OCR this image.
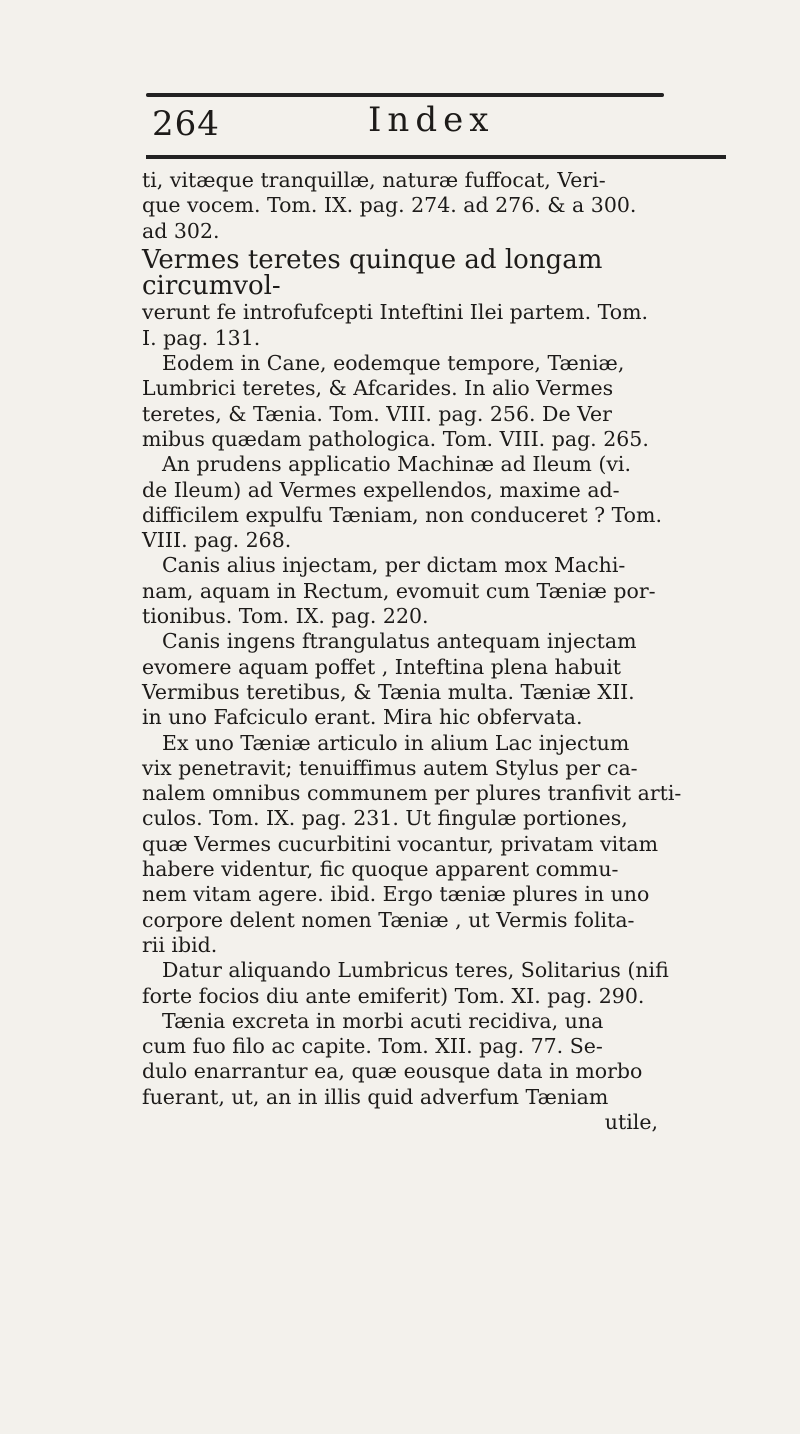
264	Index

ti, vitæque tranquillæ, naturæ fuffocat, Veri-
que vocem. Tom. IX. pag. 274. ad 276. & a 300.
ad 302.

Vermes teretes quinque ad longam circumvol-
verunt fe introfufcepti Inteftini Ilei partem. Tom.
I. pag. 131.

Eodem in Cane, eodemque tempore, Tæniæ,
Lumbrici teretes, & Afcarides. In alio Vermes
teretes, & Tænia. Tom. VIII. pag. 256. De Ver
mibus quædam pathologica. Tom. VIII. pag. 265.

An prudens applicatio Machinæ ad Ileum (vi.
de Ileum) ad Vermes expellendos, maxime ad-
difficilem expulfu Tæniam, non conduceret ? Tom.
VIII. pag. 268.

Canis alius injectam, per dictam mox Machi-
nam, aquam in Rectum, evomuit cum Tæniæ por-
tionibus. Tom. IX. pag. 220.

Canis ingens ftrangulatus antequam injectam
evomere aquam poffet , Inteftina plena habuit
Vermibus teretibus, & Tænia multa. Tæniæ XII.
in uno Fafciculo erant. Mira hic obfervata.

Ex uno Tæniæ articulo in alium Lac injectum
vix penetravit; tenuiffimus autem Stylus per ca-
nalem omnibus communem per plures tranfivit arti-
culos. Tom. IX. pag. 231. Ut fingulæ portiones,
quæ Vermes cucurbitini vocantur, privatam vitam
habere videntur, fic quoque apparent commu-
nem vitam agere. ibid. Ergo tæniæ plures in uno
corpore delent nomen Tæniæ , ut Vermis folita-
rii ibid.

Datur aliquando Lumbricus teres, Solitarius (nifi
forte focios diu ante emiferit) Tom. XI. pag. 290.

Tænia excreta in morbi acuti recidiva, una
cum fuo filo ac capite. Tom. XII. pag. 77. Se-
dulo enarrantur ea, quæ eousque data in morbo
fuerant, ut, an in illis quid adverfum Tæniam

utile,
